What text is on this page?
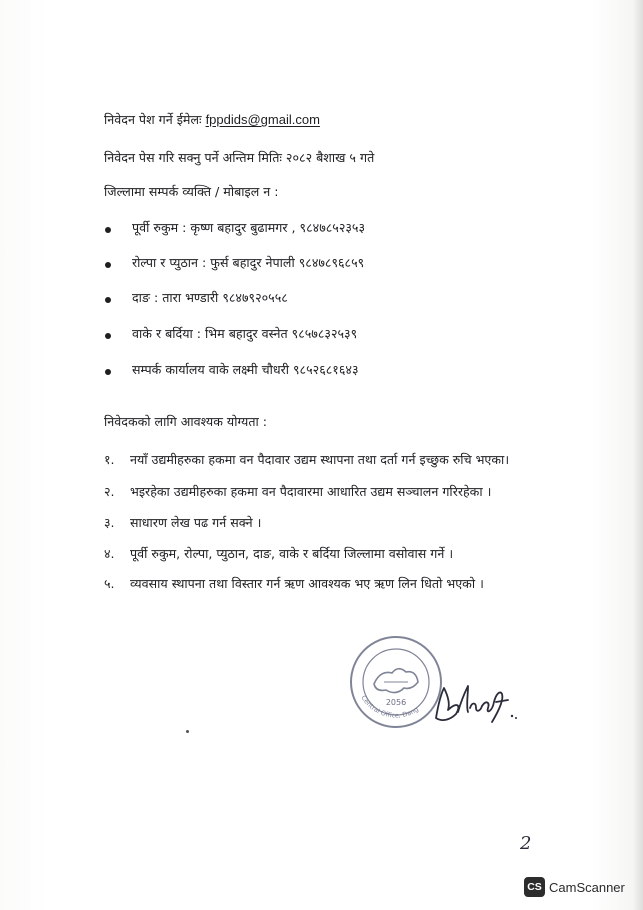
निवेदन पेश गर्ने ईमेलः fppdids@gmail.com
निवेदन पेस गरि सक्नु पर्ने अन्तिम मितिः २०८२ बैशाख ५ गते
जिल्लामा सम्पर्क व्यक्ति / मोबाइल न :
पूर्वी रुकुम : कृष्ण बहादुर बुढामगर , ९८४७८५२३५३
रोल्पा र प्युठान : फुर्स बहादुर नेपाली ९८४७८९६८५९
दाङ : तारा भण्डारी ९८४७९२०५५८
वाके र बर्दिया : भिम बहादुर वस्नेत ९८५७८३२५३९
सम्पर्क कार्यालय वाके लक्ष्मी चौधरी ९८५२६८१६४३
निवेदकको लागि आवश्यक योग्यता :
१. नयाँ उद्यमीहरुका हकमा वन पैदावार उद्यम स्थापना तथा दर्ता गर्न इच्छुक रुचि भएका।
२. भइरहेका उद्यमीहरुका हकमा वन पैदावारमा आधारित उद्यम सञ्चालन गरिरहेका ।
३. साधारण लेख पढ गर्न सक्ने ।
४. पूर्वी रुकुम, रोल्पा, प्युठान, दाङ, वाके र बर्दिया जिल्लामा वसोवास गर्ने ।
५. व्यवसाय स्थापना तथा विस्तार गर्न ऋण आवश्यक भए ऋण लिन धितो भएको ।
2056
Central Office, Dang
2
CS CamScanner
